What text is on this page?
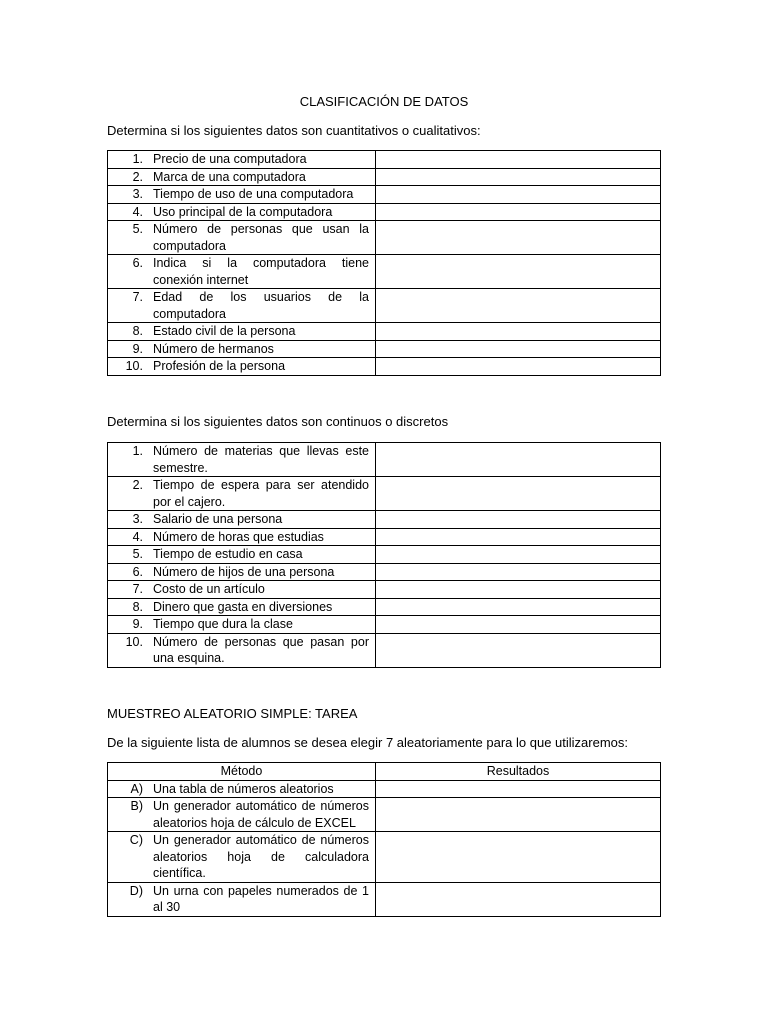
CLASIFICACIÓN DE DATOS
Determina si los siguientes datos son cuantitativos o cualitativos:
1. Precio de una computadora	

2. Marca de una computadora	

3. Tiempo de uso de una computadora	

4. Uso principal de la computadora	

5. Número de personas que usan la computadora	

6. Indica si la computadora tiene conexión internet	

7. Edad de los usuarios de la computadora	

8. Estado civil de la persona	

9. Número de hermanos	

10. Profesión de la persona	

Determina si los siguientes datos son continuos o discretos
1. Número de materias que llevas este semestre.	

2. Tiempo de espera para ser atendido por el cajero.	

3. Salario de una persona	

4. Número de horas que estudias	

5. Tiempo de estudio en casa	

6. Número de hijos de una persona	

7. Costo de un artículo	

8. Dinero que gasta en diversiones	

9. Tiempo que dura la clase	

10. Número de personas que pasan por una esquina.	

MUESTREO ALEATORIO SIMPLE: TAREA
De la siguiente lista de alumnos se desea elegir 7 aleatoriamente para lo que utilizaremos:
Método	Resultados

A) Una tabla de números aleatorios	

B) Un generador automático de números aleatorios hoja de cálculo de EXCEL	

C) Un generador automático de números aleatorios hoja de calculadora científica.	

D) Un urna con papeles numerados de 1 al 30	
